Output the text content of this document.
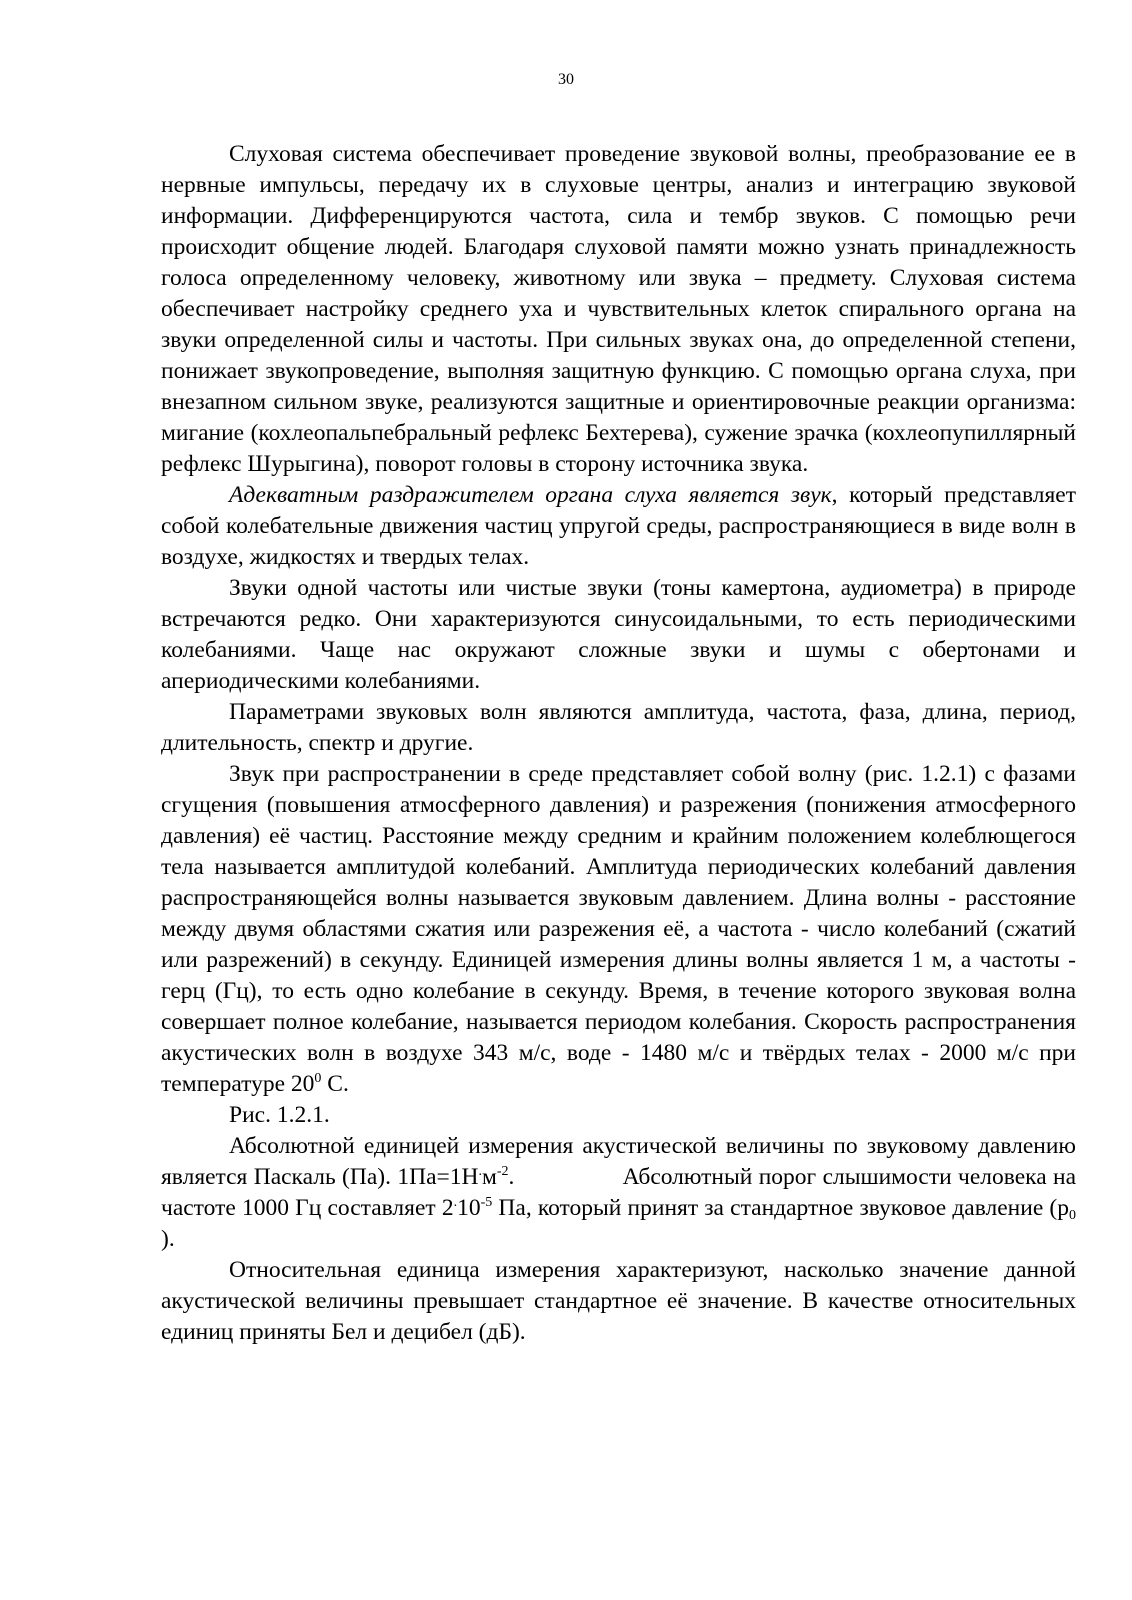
30

Слуховая система обеспечивает проведение звуковой волны, преобразование ее в нервные импульсы, передачу их в слуховые центры, анализ и интеграцию звуковой информации. Дифференцируются частота, сила и тембр звуков. С помощью речи происходит общение людей. Благодаря слуховой памяти можно узнать принадлежность голоса определенному человеку, животному или звука – предмету. Слуховая система обеспечивает настройку среднего уха и чувствительных клеток спирального органа на звуки определенной силы и частоты. При сильных звуках она, до определенной степени, понижает звукопроведение, выполняя защитную функцию. С помощью органа слуха, при внезапном сильном звуке, реализуются защитные и ориентировочные реакции организма: мигание (кохлеопальпебральный рефлекс Бехтерева), сужение зрачка (кохлеопупиллярный рефлекс Шурыгина), поворот головы в сторону источника звука.

Адекватным раздражителем органа слуха является звук, который представляет собой колебательные движения частиц упругой среды, распространяющиеся в виде волн в воздухе, жидкостях и твердых телах.

Звуки одной частоты или чистые звуки (тоны камертона, аудиометра) в природе встречаются редко. Они характеризуются синусоидальными, то есть периодическими колебаниями. Чаще нас окружают сложные звуки и шумы с обертонами и апериодическими колебаниями.

Параметрами звуковых волн являются амплитуда, частота, фаза, длина, период, длительность, спектр и другие.

Звук при распространении в среде представляет собой волну (рис. 1.2.1) с фазами сгущения (повышения атмосферного давления) и разрежения (понижения атмосферного давления) её частиц. Расстояние между средним и крайним положением колеблющегося тела называется амплитудой колебаний. Амплитуда периодических колебаний давления распространяющейся волны называется звуковым давлением. Длина волны - расстояние между двумя областями сжатия или разрежения её, а частота - число колебаний (сжатий или разрежений) в секунду. Единицей измерения длины волны является 1 м, а частоты - герц (Гц), то есть одно колебание в секунду. Время, в течение которого звуковая волна совершает полное колебание, называется периодом колебания. Скорость распространения акустических волн в воздухе 343 м/с, воде - 1480 м/с и твёрдых телах - 2000 м/с при температуре $20^0$ С.

Рис. 1.2.1.

Абсолютной единицей измерения акустической величины по звуковому давлению является Паскаль (Па). $1Па=1Н^.м^{-2}$.                 Абсолютный порог слышимости человека на частоте 1000 Гц составляет $2^.10^{-5}$ Па, который принят за стандартное звуковое давление ($p_0$ ).

Относительная единица измерения характеризуют, насколько значение данной акустической величины превышает стандартное её значение. В качестве относительных единиц приняты Бел и децибел (дБ).
